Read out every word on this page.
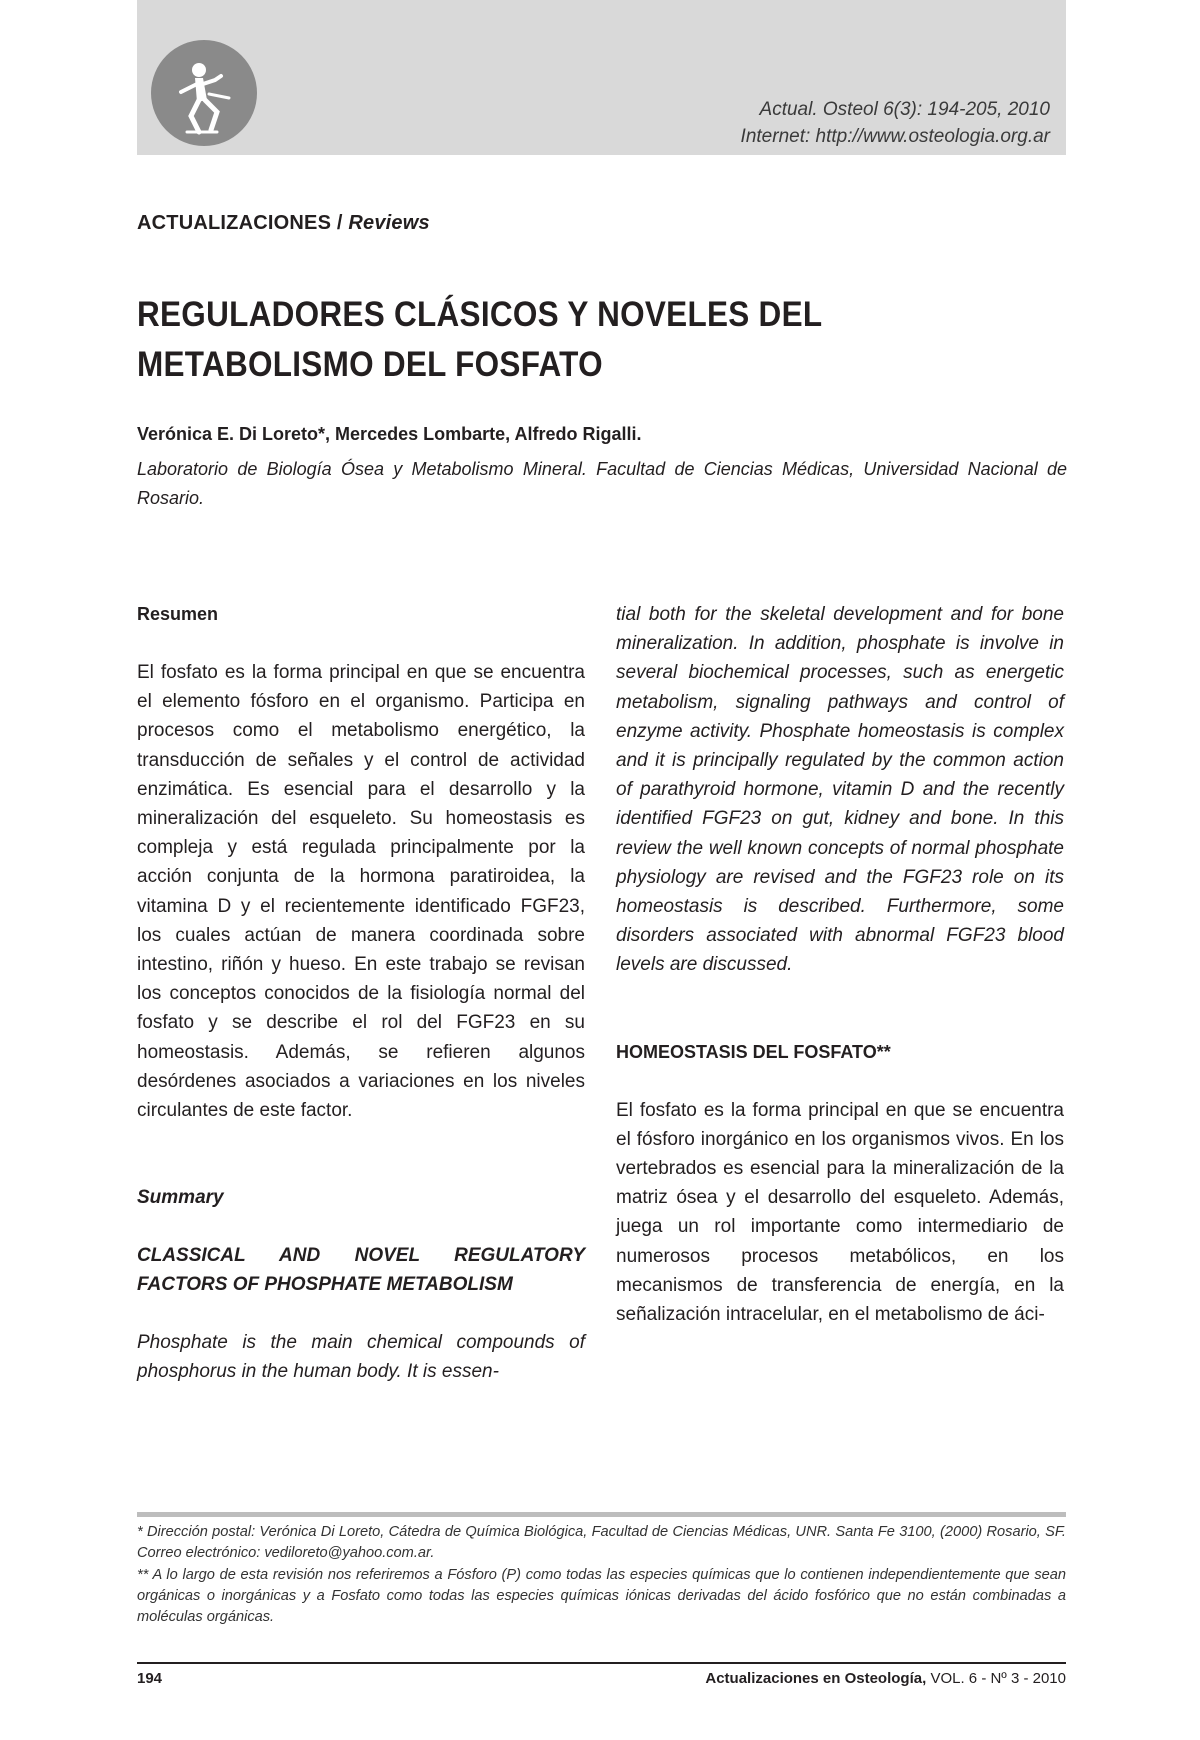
Actual. Osteol 6(3): 194-205, 2010
Internet: http://www.osteologia.org.ar
ACTUALIZACIONES / Reviews
REGULADORES CLÁSICOS Y NOVELES DEL METABOLISMO DEL FOSFATO
Verónica E. Di Loreto*, Mercedes Lombarte, Alfredo Rigalli.
Laboratorio de Biología Ósea y Metabolismo Mineral. Facultad de Ciencias Médicas, Universidad Nacional de Rosario.
Resumen

El fosfato es la forma principal en que se encuentra el elemento fósforo en el organismo. Participa en procesos como el metabolismo energético, la transducción de señales y el control de actividad enzimática. Es esencial para el desarrollo y la mineralización del esqueleto. Su homeostasis es compleja y está regulada principalmente por la acción conjunta de la hormona paratiroidea, la vitamina D y el recientemente identificado FGF23, los cuales actúan de manera coordinada sobre intestino, riñón y hueso. En este trabajo se revisan los conceptos conocidos de la fisiología normal del fosfato y se describe el rol del FGF23 en su homeostasis. Además, se refieren algunos desórdenes asociados a variaciones en los niveles circulantes de este factor.

Summary

CLASSICAL AND NOVEL REGULATORY FACTORS OF PHOSPHATE METABOLISM

Phosphate is the main chemical compounds of phosphorus in the human body. It is essen-

tial both for the skeletal development and for bone mineralization. In addition, phosphate is involve in several biochemical processes, such as energetic metabolism, signaling pathways and control of enzyme activity. Phosphate homeostasis is complex and it is principally regulated by the common action of parathyroid hormone, vitamin D and the recently identified FGF23 on gut, kidney and bone. In this review the well known concepts of normal phosphate physiology are revised and the FGF23 role on its homeostasis is described. Furthermore, some disorders associated with abnormal FGF23 blood levels are discussed.

HOMEOSTASIS DEL FOSFATO**

El fosfato es la forma principal en que se encuentra el fósforo inorgánico en los organismos vivos. En los vertebrados es esencial para la mineralización de la matriz ósea y el desarrollo del esqueleto. Además, juega un rol importante como intermediario de numerosos procesos metabólicos, en los mecanismos de transferencia de energía, en la señalización intracelular, en el metabolismo de áci-

* Dirección postal: Verónica Di Loreto, Cátedra de Química Biológica, Facultad de Ciencias Médicas, UNR. Santa Fe 3100, (2000) Rosario, SF. Correo electrónico: vediloreto@yahoo.com.ar.

** A lo largo de esta revisión nos referiremos a Fósforo (P) como todas las especies químicas que lo contienen independientemente que sean orgánicas o inorgánicas y a Fosfato como todas las especies químicas iónicas derivadas del ácido fosfórico que no están combinadas a moléculas orgánicas.

194	Actualizaciones en Osteología, VOL. 6 - Nº 3 - 2010
